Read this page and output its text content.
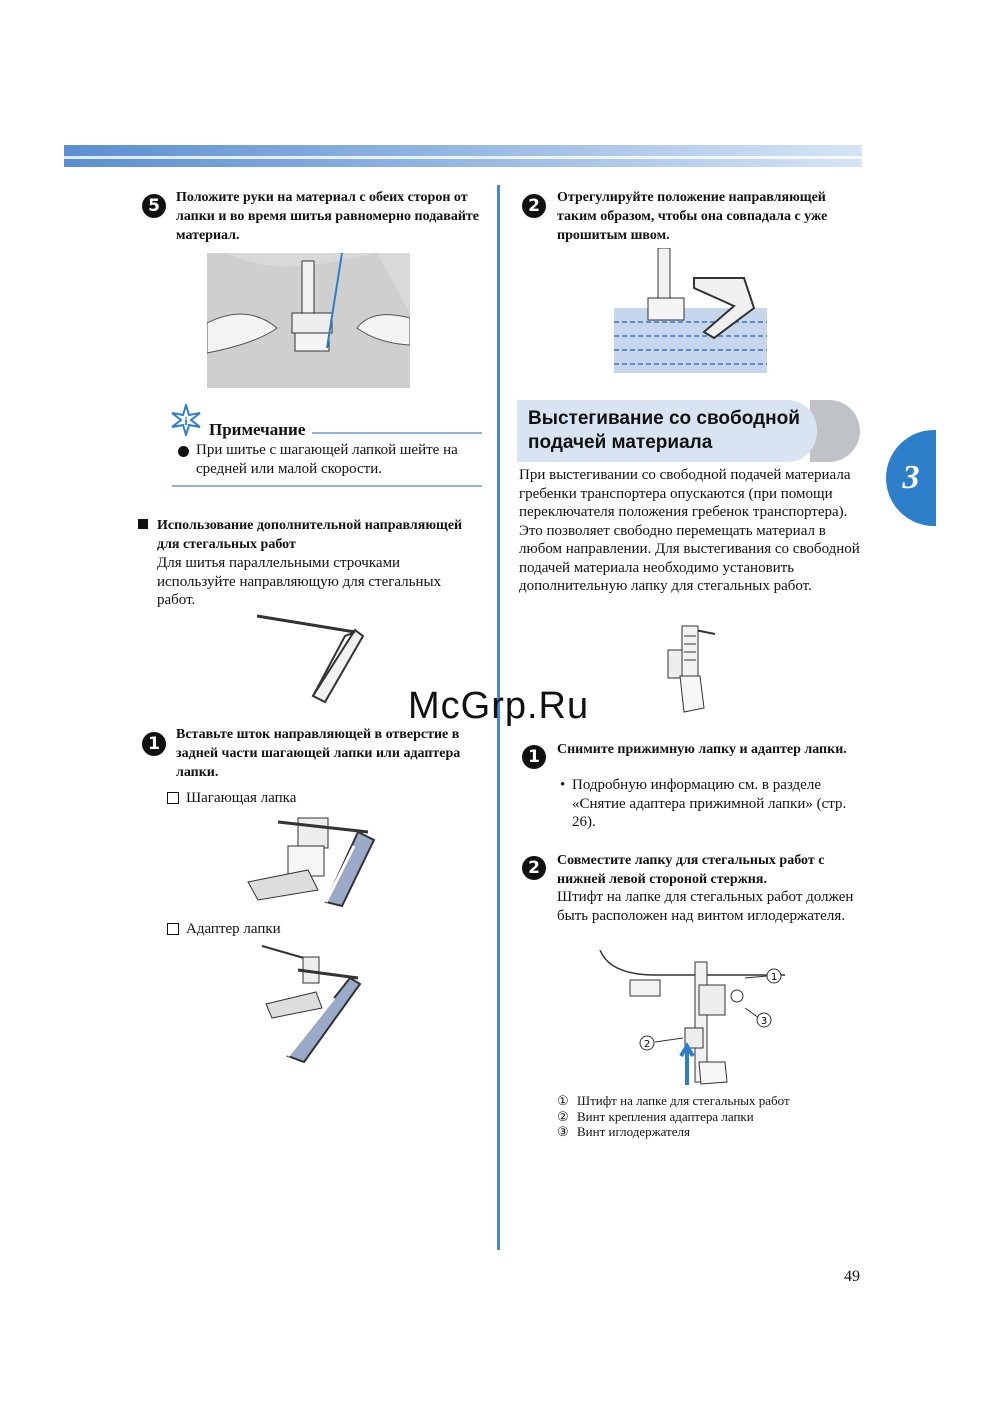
5	Положите руки на материал с обеих сторон от лапки и во время шитья равномерно подавайте материал.
i Примечание
При шитье с шагающей лапкой шейте на средней или малой скорости.
Использование дополнительной направляющей для стегальных работ
Для шитья параллельными строчками используйте направляющую для стегальных работ.
1	Вставьте шток направляющей в отверстие в задней части шагающей лапки или адаптера лапки.
Шагающая лапка
Адаптер лапки
2	Отрегулируйте положение направляющей таким образом, чтобы она совпадала с уже прошитым швом.
Выстегивание со свободной подачей материала
При выстегивании со свободной подачей материала гребенки транспортера опускаются (при помощи переключателя положения гребенок транспортера). Это позволяет свободно перемещать материал в любом направлении. Для выстегивания со свободной подачей материала необходимо установить дополнительную лапку для стегальных работ.
McGrp.Ru
1	Снимите прижимную лапку и адаптер лапки.
• Подробную информацию см. в разделе «Снятие адаптера прижимной лапки» (стр. 26).
2	Совместите лапку для стегальных работ с нижней левой стороной стержня.
Штифт на лапке для стегальных работ должен быть расположен над винтом иглодержателя.
1
3
2
① Штифт на лапке для стегальных работ
② Винт крепления адаптера лапки
③ Винт иглодержателя
3
49
